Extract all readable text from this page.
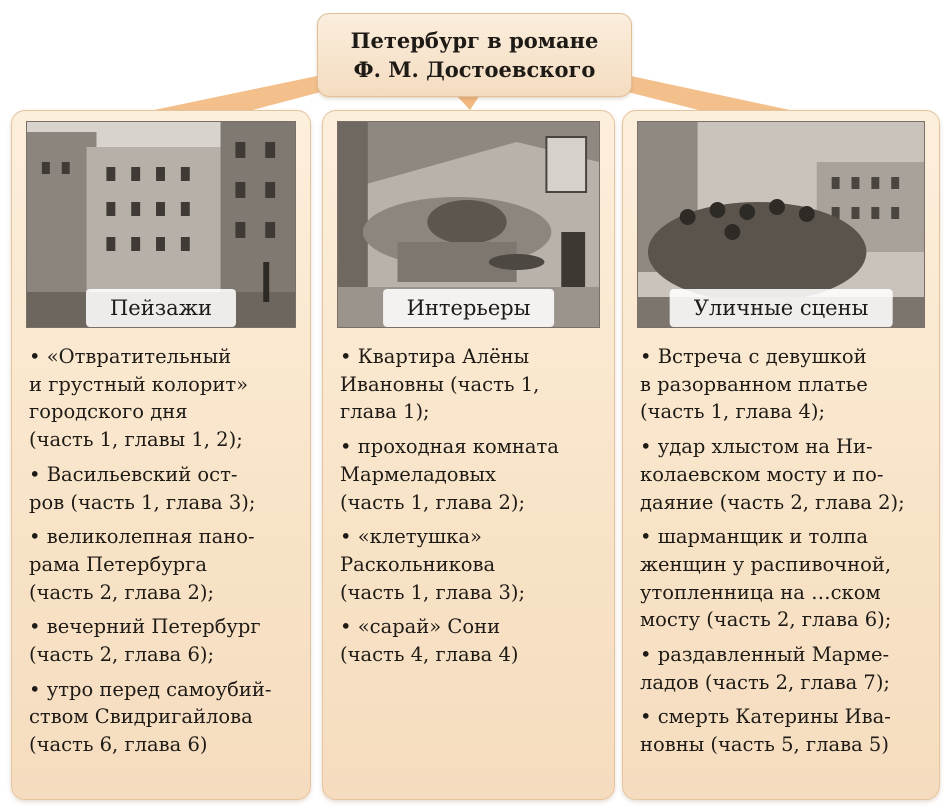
Петербург в романе
Ф. М. Достоевского
Пейзажи
• «Отвратительный
и грустный колорит»
городского дня
(часть 1, главы 1, 2);
• Васильевский ост-
ров (часть 1, глава 3);
• великолепная пано-
рама Петербурга
(часть 2, глава 2);
• вечерний Петербург
(часть 2, глава 6);
• утро перед самоубий-
ством Свидригайлова
(часть 6, глава 6)
Интерьеры
• Квартира Алёны
Ивановны (часть 1,
глава 1);
• проходная комната
Мармеладовых
(часть 1, глава 2);
• «клетушка»
Раскольникова
(часть 1, глава 3);
• «сарай» Сони
(часть 4, глава 4)
Уличные сцены
• Встреча с девушкой
в разорванном платье
(часть 1, глава 4);
• удар хлыстом на Ни-
колаевском мосту и по-
даяние (часть 2, глава 2);
• шарманщик и толпа
женщин у распивочной,
утопленница на …ском
мосту (часть 2, глава 6);
• раздавленный Марме-
ладов (часть 2, глава 7);
• смерть Катерины Ива-
новны (часть 5, глава 5)
